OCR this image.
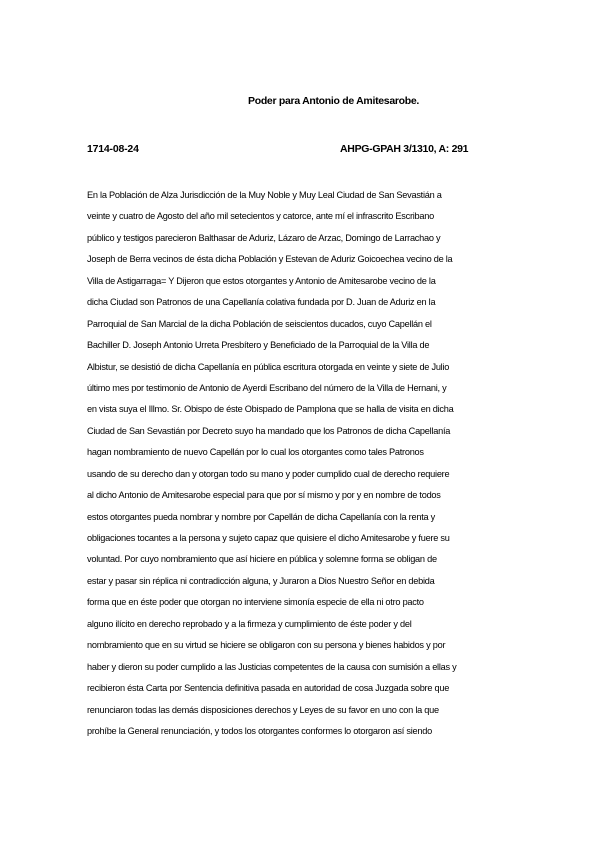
Poder para Antonio de Amitesarobe.
1714-08-24	AHPG-GPAH 3/1310, A: 291
En la Población de Alza Jurisdicción de la Muy Noble y Muy Leal Ciudad de San Sevastián a
veinte y cuatro de Agosto del año mil setecientos y catorce, ante mí el infrascrito Escribano
público y testigos parecieron Balthasar de Aduriz, Lázaro de Arzac, Domingo de Larrachao y
Joseph de Berra vecinos de ésta dicha Población y Estevan de Aduriz Goicoechea vecino de la
Villa de Astigarraga= Y Dijeron que estos otorgantes y Antonio de Amitesarobe vecino de la
dicha Ciudad son Patronos de una Capellanía colativa fundada por D. Juan de Aduriz en la
Parroquial de San Marcial de la dicha Población de seiscientos ducados, cuyo Capellán el
Bachiller D. Joseph Antonio Urreta Presbítero y Beneficiado de la Parroquial de la Villa de
Albistur, se desistió de dicha Capellanía en pública escritura otorgada en veinte y siete de Julio
último mes por testimonio de Antonio de Ayerdi Escribano del número de la Villa de Hernani, y
en vista suya el Illmo. Sr. Obispo de éste Obispado de Pamplona que se halla de visita en dicha
Ciudad de San Sevastián por Decreto suyo ha mandado que los Patronos de dicha Capellanía
hagan nombramiento de nuevo Capellán por lo cual los otorgantes como tales Patronos
usando de su derecho dan y otorgan todo su mano y poder cumplido cual de derecho requiere
al dicho Antonio de Amitesarobe especial para que por sí mismo y por y en nombre de todos
estos otorgantes pueda nombrar y nombre por Capellán de dicha Capellanía con la renta y
obligaciones tocantes a la persona y sujeto capaz que quisiere el dicho Amitesarobe y fuere su
voluntad. Por cuyo nombramiento que así hiciere en pública y solemne forma se obligan de
estar y pasar sin réplica ni contradicción alguna, y Juraron a Dios Nuestro Señor en debida
forma que en éste poder que otorgan no interviene simonía especie de ella ni otro pacto
alguno ilícito en derecho reprobado y a la firmeza y cumplimiento de éste poder y del
nombramiento que en su virtud se hiciere se obligaron con su persona y bienes habidos y por
haber y dieron su poder cumplido a las Justicias competentes de la causa con sumisión a ellas y
recibieron ésta Carta por Sentencia definitiva pasada en autoridad de cosa Juzgada sobre que
renunciaron todas las demás disposiciones derechos y Leyes de su favor en uno con la que
prohíbe la General renunciación, y todos los otorgantes conformes lo otorgaron así siendo
